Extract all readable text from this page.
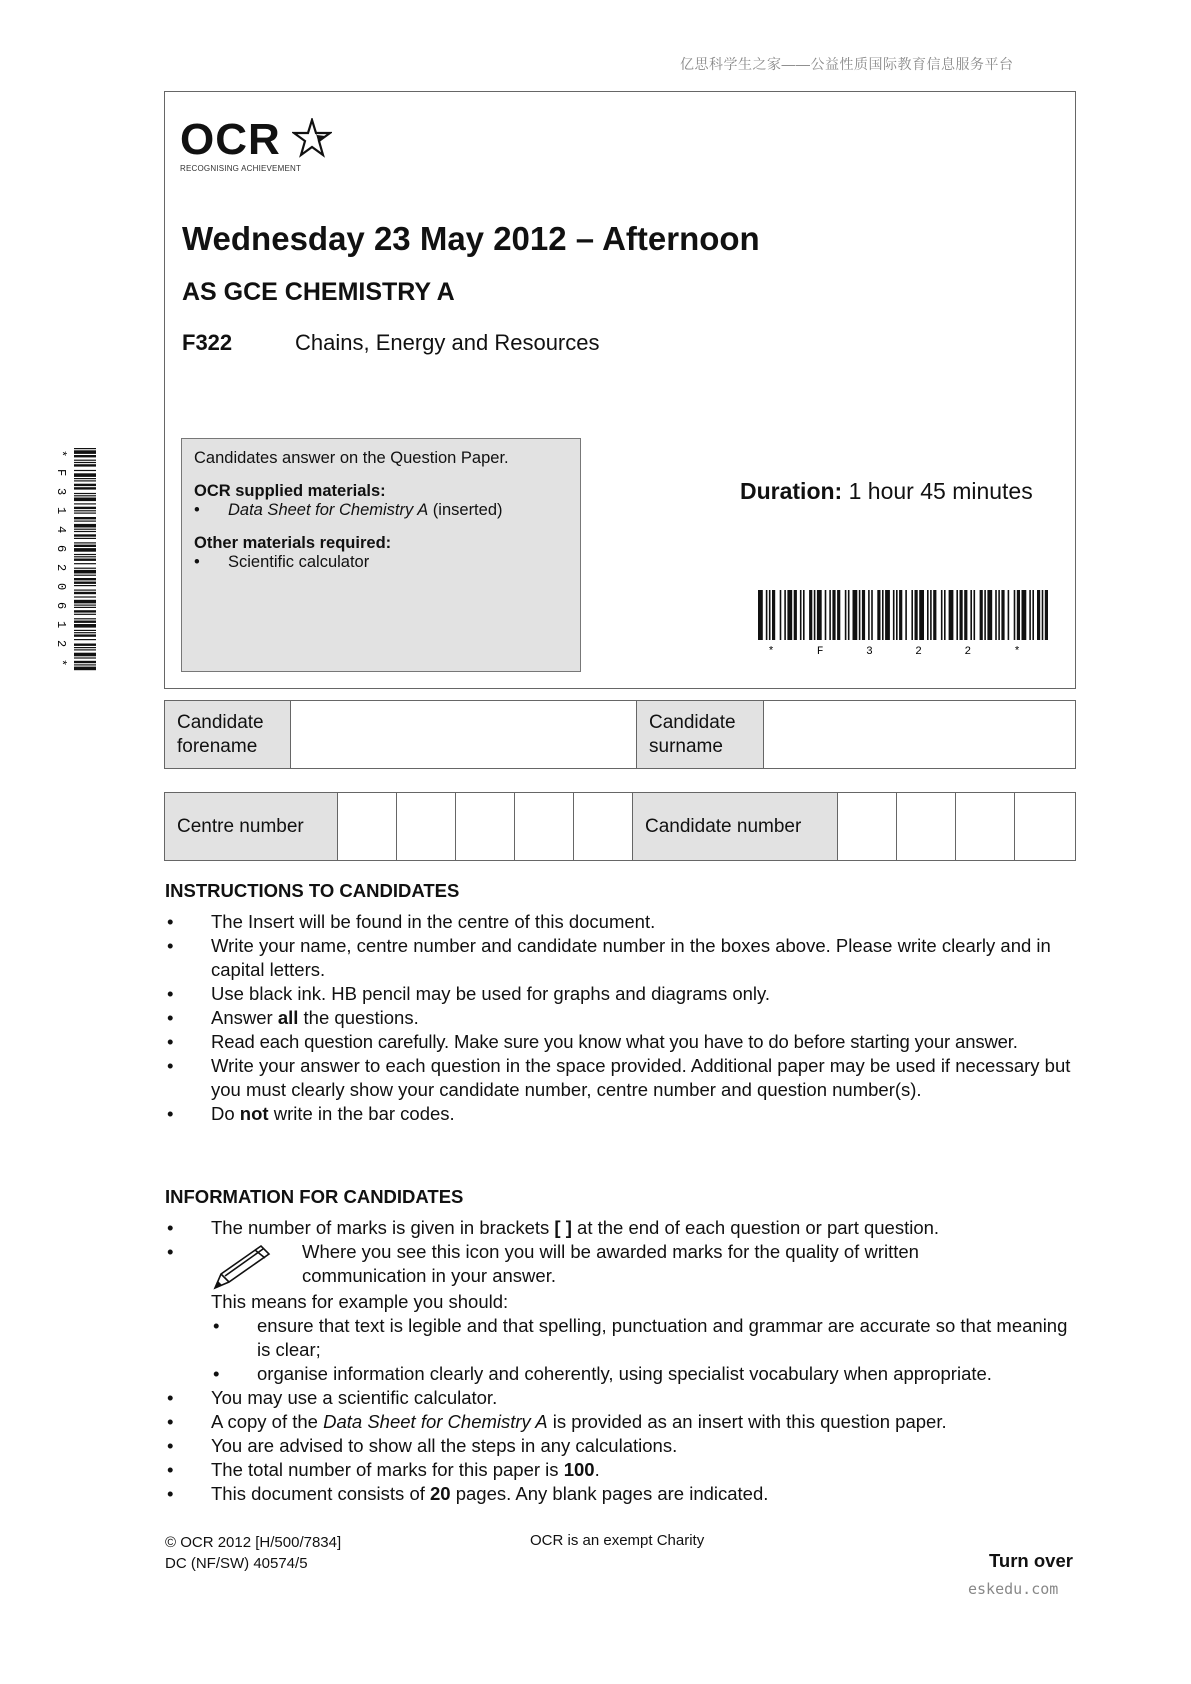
亿思科学生之家——公益性质国际教育信息服务平台
OCR
RECOGNISING ACHIEVEMENT
Wednesday 23 May 2012 – Afternoon
AS GCE CHEMISTRY A
F322	Chains, Energy and Resources

Candidates answer on the Question Paper.

OCR supplied materials:

• Data Sheet for Chemistry A (inserted)

Other materials required:

• Scientific calculator

Duration: 1 hour 45 minutes
* F 3 2 2 *
* F 3 1 4 6 2 0 6 1 2 *
Candidate
forename
Candidate
surname
Centre number	Candidate number
INSTRUCTIONS TO CANDIDATES
• The Insert will be found in the centre of this document.
• Write your name, centre number and candidate number in the boxes above. Please write clearly and in capital letters.
• Use black ink. HB pencil may be used for graphs and diagrams only.
• Answer all the questions.
• Read each question carefully. Make sure you know what you have to do before starting your answer.
• Write your answer to each question in the space provided. Additional paper may be used if necessary but you must clearly show your candidate number, centre number and question number(s).
• Do not write in the bar codes.
INFORMATION FOR CANDIDATES
• The number of marks is given in brackets [ ] at the end of each question or part question.
• Where you see this icon you will be awarded marks for the quality of written
communication in your answer.
This means for example you should:
• ensure that text is legible and that spelling, punctuation and grammar are accurate so that meaning is clear;
• organise information clearly and coherently, using specialist vocabulary when appropriate.
• You may use a scientific calculator.
• A copy of the Data Sheet for Chemistry A is provided as an insert with this question paper.
• You are advised to show all the steps in any calculations.
• The total number of marks for this paper is 100.
• This document consists of 20 pages. Any blank pages are indicated.
© OCR 2012 [H/500/7834]
DC (NF/SW) 40574/5
OCR is an exempt Charity
Turn over
eskedu.com
